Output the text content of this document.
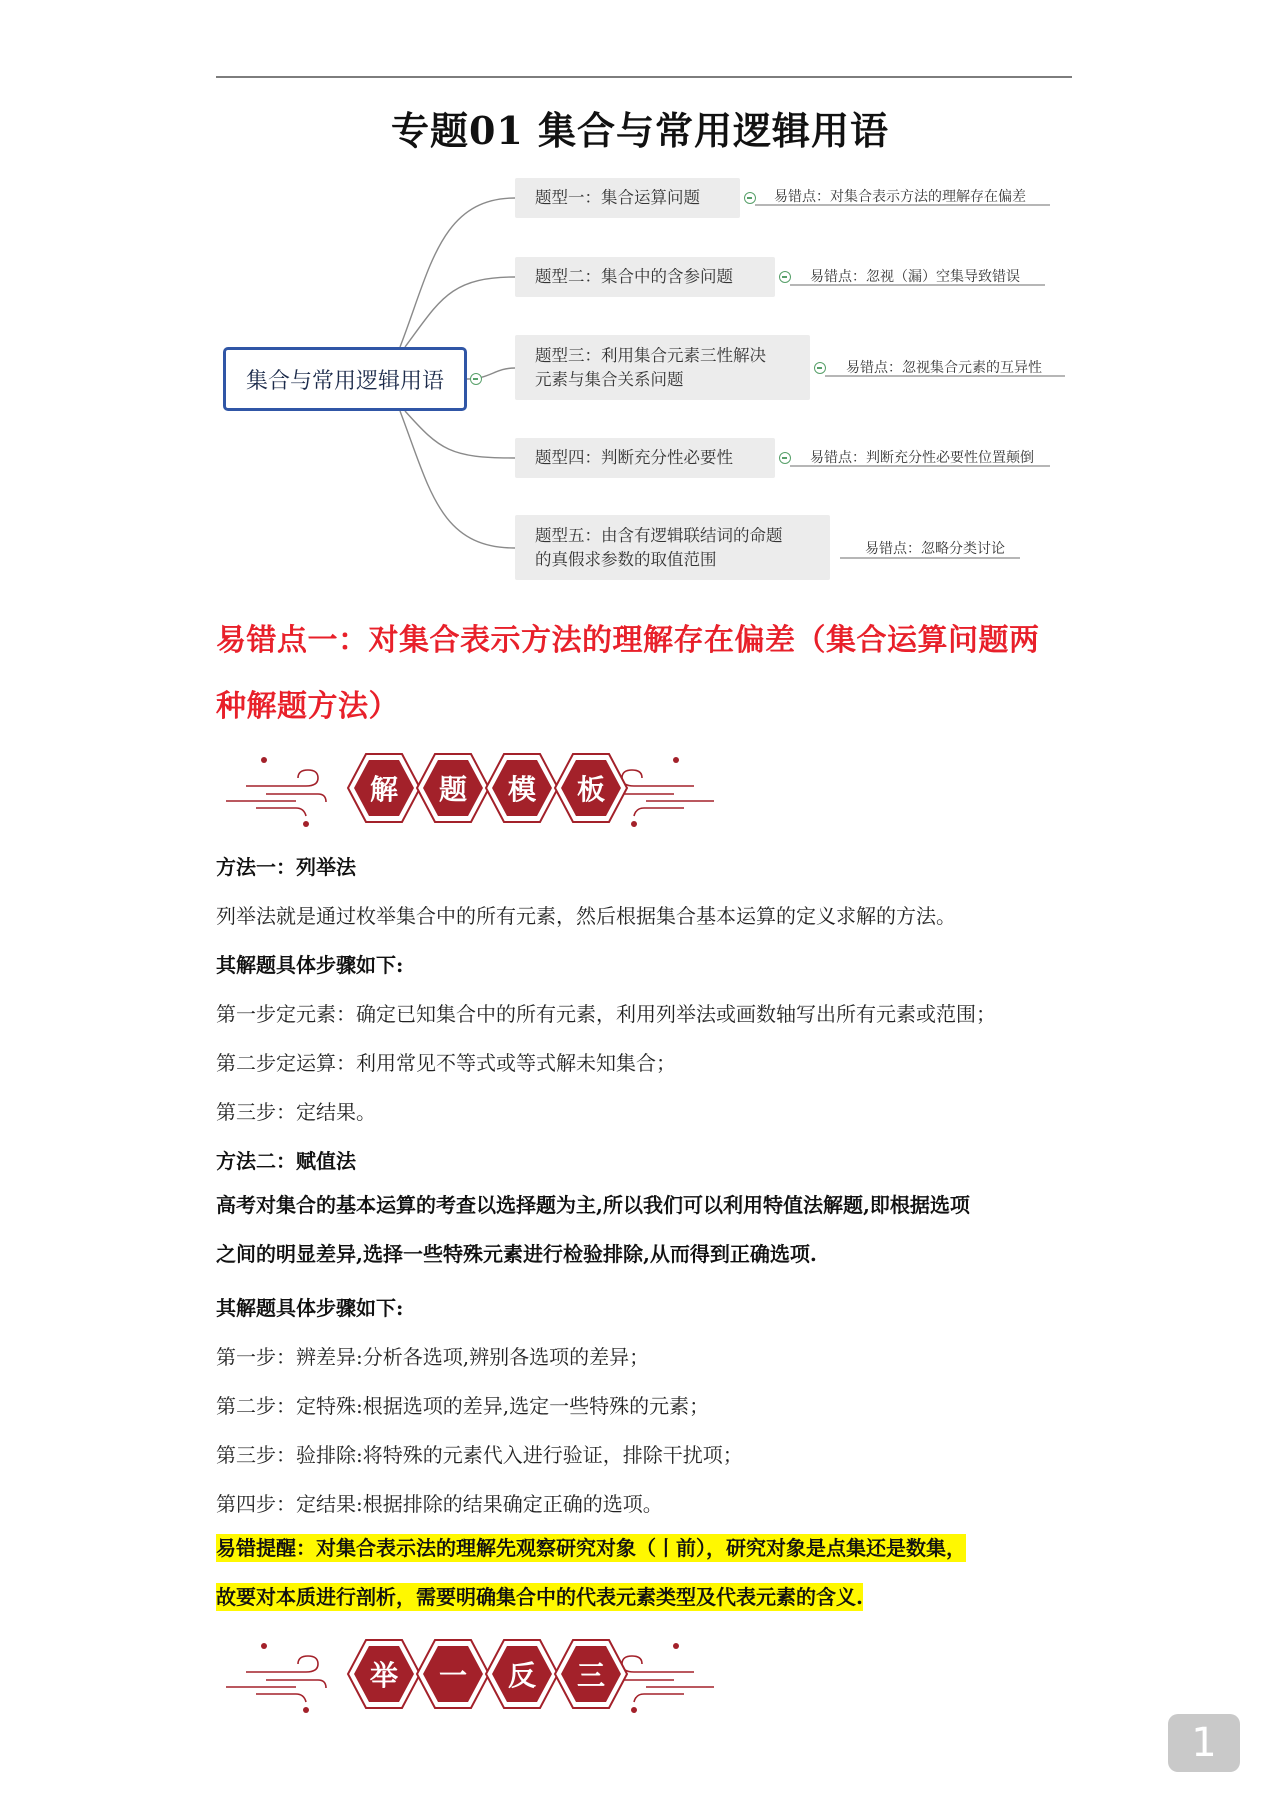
专题01 集合与常用逻辑用语
集合与常用逻辑用语
题型一：集合运算问题	易错点：对集合表示方法的理解存在偏差
题型二：集合中的含参问题	易错点：忽视（漏）空集导致错误
题型三：利用集合元素三性解决
元素与集合关系问题
易错点：忽视集合元素的互异性
题型四：判断充分性必要性	易错点：判断充分性必要性位置颠倒
题型五：由含有逻辑联结词的命题
的真假求参数的取值范围
易错点：忽略分类讨论
易错点一：对集合表示方法的理解存在偏差（集合运算问题两
种解题方法）
解 题 模 板
方法一：列举法
列举法就是通过枚举集合中的所有元素，然后根据集合基本运算的定义求解的方法。
其解题具体步骤如下:
第一步定元素：确定已知集合中的所有元素，利用列举法或画数轴写出所有元素或范围；
第二步定运算：利用常见不等式或等式解未知集合；
第三步：定结果。
方法二：赋值法
高考对集合的基本运算的考查以选择题为主,所以我们可以利用特值法解题,即根据选项
之间的明显差异,选择一些特殊元素进行检验排除,从而得到正确选项.
其解题具体步骤如下:
第一步：辨差异:分析各选项,辨别各选项的差异；
第二步：定特殊:根据选项的差异,选定一些特殊的元素；
第三步：验排除:将特殊的元素代入进行验证，排除干扰项；
第四步：定结果:根据排除的结果确定正确的选项。
易错提醒：对集合表示法的理解先观察研究对象（丨前），研究对象是点集还是数集，
故要对本质进行剖析，需要明确集合中的代表元素类型及代表元素的含义.
举 一 反 三
1
